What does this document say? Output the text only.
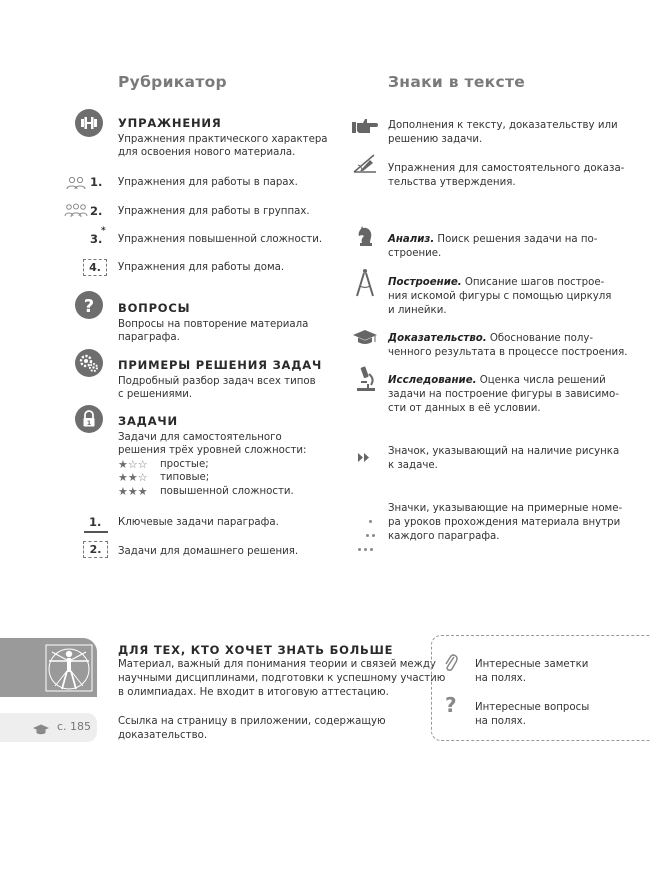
Рубрикатор
УПРАЖНЕНИЯ
Упражнения практического характера
для освоения нового материала.
1. Упражнения для работы в парах.
2. Упражнения для работы в группах.
3.
*
Упражнения повышенной сложности.
4.	Упражнения для работы дома.
? ВОПРОСЫ
Вопросы на повторение материала
параграфа.
ПРИМЕРЫ РЕШЕНИЯ ЗАДАЧ
Подробный разбор задач всех типов
с решениями.
1 ЗАДАЧИ
Задачи для самостоятельного
решения трёх уровней сложности:
★☆☆ простые;
★★☆ типовые;
★★★ повышенной сложности.
1. Ключевые задачи параграфа.
2.	Задачи для домашнего решения.
Знаки в тексте
Дополнения к тексту, доказательству или
решению задачи.
Упражнения для самостоятельного доказа-
тельства утверждения.
Анализ. Поиск решения задачи на по-
строение.
Построение. Описание шагов построе-
ния искомой фигуры с помощью циркуля
и линейки.
Доказательство. Обоснование полу-
ченного результата в процессе построения.
Исследование. Оценка числа решений
задачи на построение фигуры в зависимо-
сти от данных в её условии.
Значок, указывающий на наличие рисунка
к задаче.
Значки, указывающие на примерные номе-
ра уроков прохождения материала внутри
каждого параграфа.
ДЛЯ ТЕХ, КТО ХОЧЕТ ЗНАТЬ БОЛЬШЕ
Материал, важный для понимания теории и связей между
научными дисциплинами, подготовки к успешному участию
в олимпиадах. Не входит в итоговую аттестацию.
с. 185	Ссылка на страницу в приложении, содержащую
доказательство.
Интересные заметки
на полях.
? Интересные вопросы
на полях.
